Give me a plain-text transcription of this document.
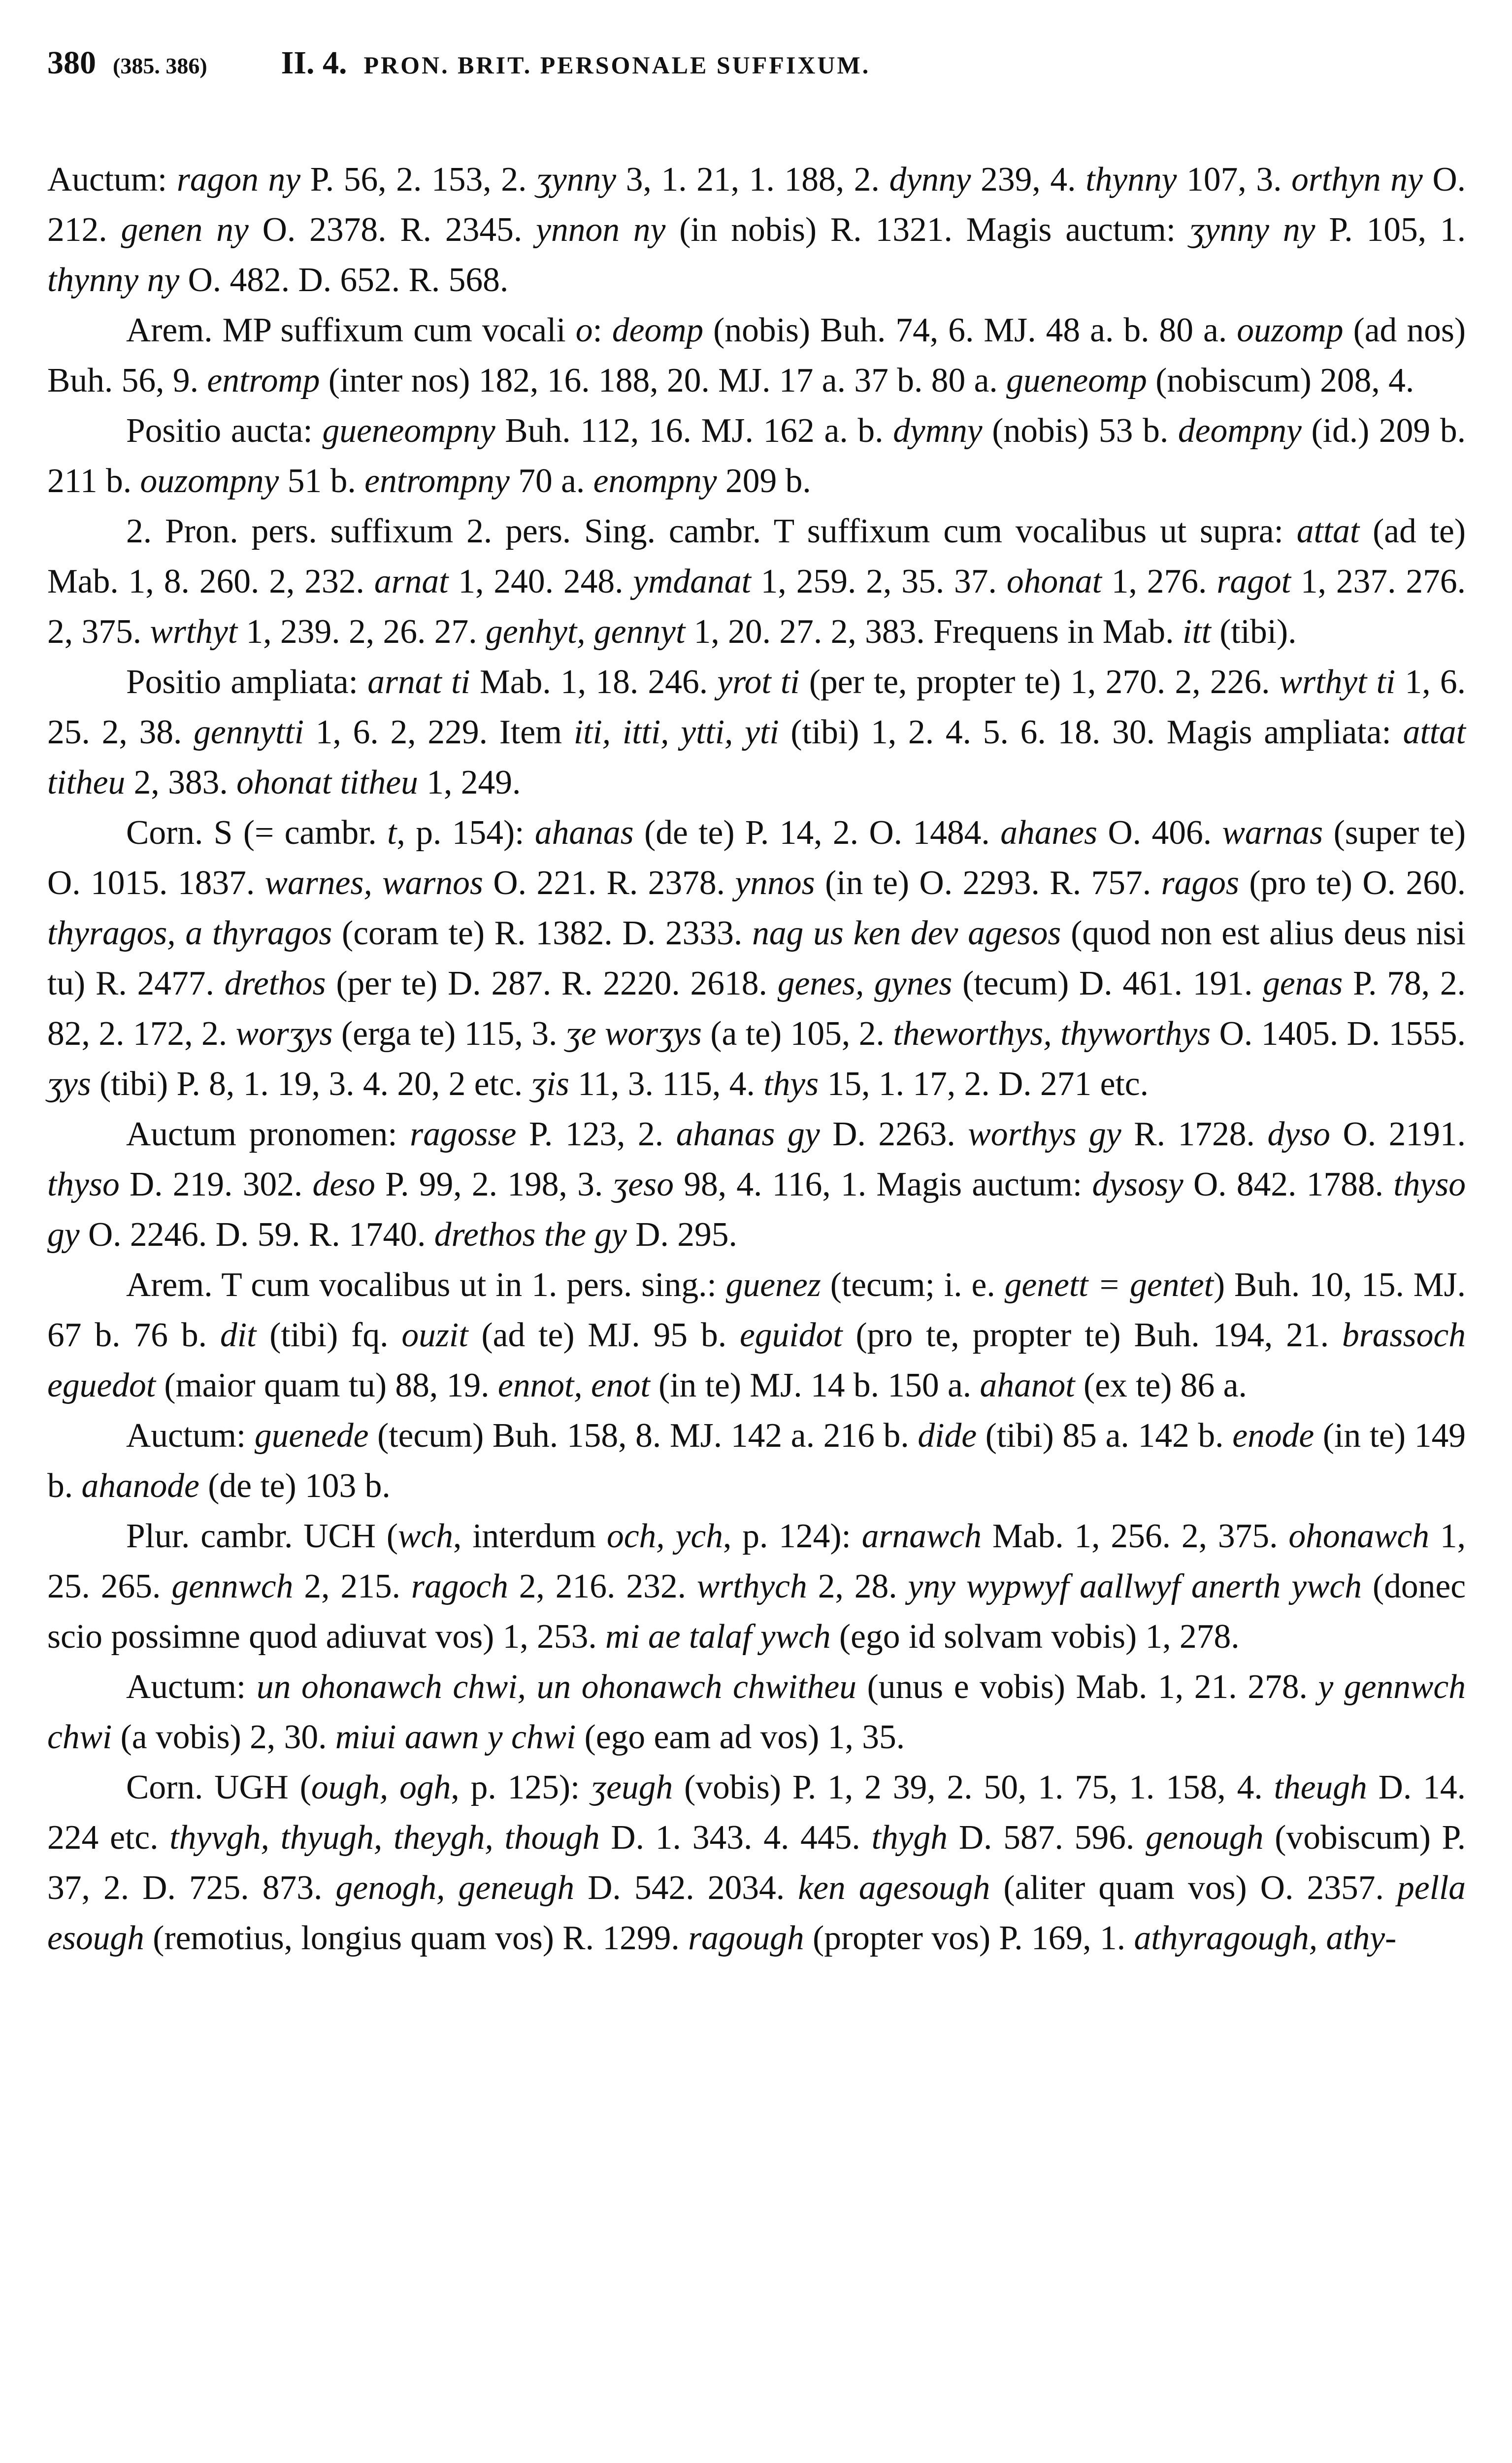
380 (385. 386) II. 4. PRON. BRIT. PERSONALE SUFFIXUM.

Auctum: ragon ny P. 56, 2. 153, 2. ʒynny 3, 1. 21, 1. 188, 2. dynny 239, 4. thynny 107, 3. orthyn ny O. 212. genen ny O. 2378. R. 2345. ynnon ny (in nobis) R. 1321. Magis auctum: ʒynny ny P. 105, 1. thynny ny O. 482. D. 652. R. 568.

Arem. MP suffixum cum vocali o: deomp (nobis) Buh. 74, 6. MJ. 48 a. b. 80 a. ouzomp (ad nos) Buh. 56, 9. entromp (inter nos) 182, 16. 188, 20. MJ. 17 a. 37 b. 80 a. gueneomp (nobiscum) 208, 4.

Positio aucta: gueneompny Buh. 112, 16. MJ. 162 a. b. dymny (nobis) 53 b. deompny (id.) 209 b. 211 b. ouzompny 51 b. entrompny 70 a. enompny 209 b.

2. Pron. pers. suffixum 2. pers. Sing. cambr. T suffixum cum vocalibus ut supra: attat (ad te) Mab. 1, 8. 260. 2, 232. arnat 1, 240. 248. ymdanat 1, 259. 2, 35. 37. ohonat 1, 276. ragot 1, 237. 276. 2, 375. wrthyt 1, 239. 2, 26. 27. genhyt, gennyt 1, 20. 27. 2, 383. Frequens in Mab. itt (tibi).

Positio ampliata: arnat ti Mab. 1, 18. 246. yrot ti (per te, propter te) 1, 270. 2, 226. wrthyt ti 1, 6. 25. 2, 38. gennytti 1, 6. 2, 229. Item iti, itti, ytti, yti (tibi) 1, 2. 4. 5. 6. 18. 30. Magis ampliata: attat titheu 2, 383. ohonat titheu 1, 249.

Corn. S (= cambr. t, p. 154): ahanas (de te) P. 14, 2. O. 1484. ahanes O. 406. warnas (super te) O. 1015. 1837. warnes, warnos O. 221. R. 2378. ynnos (in te) O. 2293. R. 757. ragos (pro te) O. 260. thyragos, a thyragos (coram te) R. 1382. D. 2333. nag us ken dev agesos (quod non est alius deus nisi tu) R. 2477. drethos (per te) D. 287. R. 2220. 2618. genes, gynes (tecum) D. 461. 191. genas P. 78, 2. 82, 2. 172, 2. worʒys (erga te) 115, 3. ʒe worʒys (a te) 105, 2. theworthys, thyworthys O. 1405. D. 1555. ʒys (tibi) P. 8, 1. 19, 3. 4. 20, 2 etc. ʒis 11, 3. 115, 4. thys 15, 1. 17, 2. D. 271 etc.

Auctum pronomen: ragosse P. 123, 2. ahanas gy D. 2263. worthys gy R. 1728. dyso O. 2191. thyso D. 219. 302. deso P. 99, 2. 198, 3. ʒeso 98, 4. 116, 1. Magis auctum: dysosy O. 842. 1788. thyso gy O. 2246. D. 59. R. 1740. drethos the gy D. 295.

Arem. T cum vocalibus ut in 1. pers. sing.: guenez (tecum; i. e. genett = gentet) Buh. 10, 15. MJ. 67 b. 76 b. dit (tibi) fq. ouzit (ad te) MJ. 95 b. eguidot (pro te, propter te) Buh. 194, 21. brassoch eguedot (maior quam tu) 88, 19. ennot, enot (in te) MJ. 14 b. 150 a. ahanot (ex te) 86 a.

Auctum: guenede (tecum) Buh. 158, 8. MJ. 142 a. 216 b. dide (tibi) 85 a. 142 b. enode (in te) 149 b. ahanode (de te) 103 b.

Plur. cambr. UCH (wch, interdum och, ych, p. 124): arnawch Mab. 1, 256. 2, 375. ohonawch 1, 25. 265. gennwch 2, 215. ragoch 2, 216. 232. wrthych 2, 28. yny wypwyf aallwyf anerth ywch (donec scio possimne quod adiuvat vos) 1, 253. mi ae talaf ywch (ego id solvam vobis) 1, 278.

Auctum: un ohonawch chwi, un ohonawch chwitheu (unus e vobis) Mab. 1, 21. 278. y gennwch chwi (a vobis) 2, 30. miui aawn y chwi (ego eam ad vos) 1, 35.

Corn. UGH (ough, ogh, p. 125): ʒeugh (vobis) P. 1, 2 39, 2. 50, 1. 75, 1. 158, 4. theugh D. 14. 224 etc. thyvgh, thyugh, theygh, though D. 1. 343. 4. 445. thygh D. 587. 596. genough (vobiscum) P. 37, 2. D. 725. 873. genogh, geneugh D. 542. 2034. ken agesough (aliter quam vos) O. 2357. pella esough (remotius, longius quam vos) R. 1299. ragough (propter vos) P. 169, 1. athyragough, athy-
